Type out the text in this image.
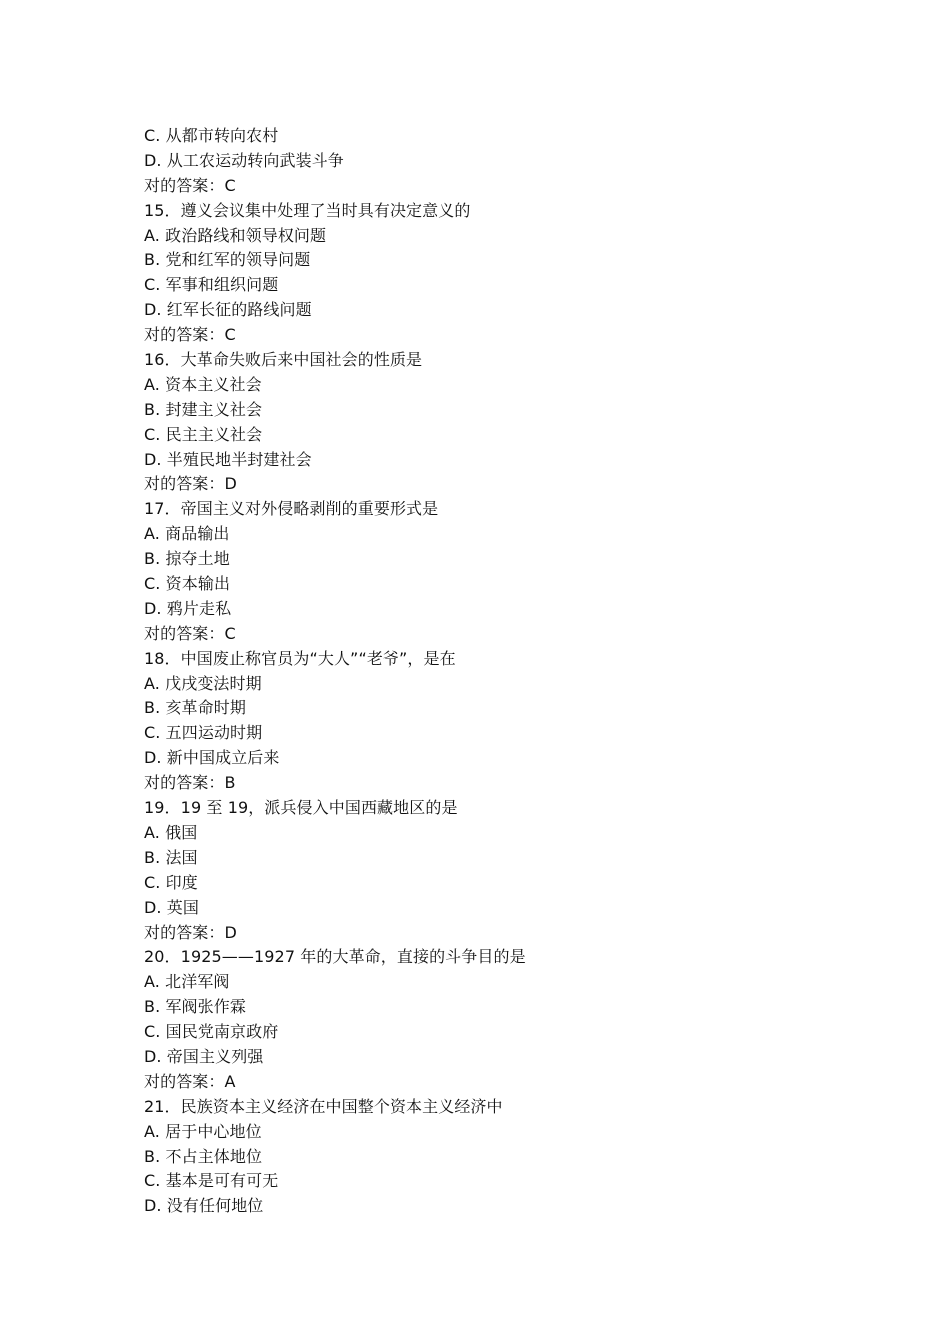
C. 从都市转向农村
D. 从工农运动转向武装斗争
对的答案：C
15．遵义会议集中处理了当时具有决定意义的
A. 政治路线和领导权问题
B. 党和红军的领导问题
C. 军事和组织问题
D. 红军长征的路线问题
对的答案：C
16．大革命失败后来中国社会的性质是
A. 资本主义社会
B. 封建主义社会
C. 民主主义社会
D. 半殖民地半封建社会
对的答案：D
17．帝国主义对外侵略剥削的重要形式是
A. 商品输出
B. 掠夺土地
C. 资本输出
D. 鸦片走私
对的答案：C
18．中国废止称官员为“大人”“老爷”，是在
A. 戊戌变法时期
B. 亥革命时期
C. 五四运动时期
D. 新中国成立后来
对的答案：B
19．19 至 19，派兵侵入中国西藏地区的是
A. 俄国
B. 法国
C. 印度
D. 英国
对的答案：D
20．1925——1927 年的大革命，直接的斗争目的是
A. 北洋军阀
B. 军阀张作霖
C. 国民党南京政府
D. 帝国主义列强
对的答案：A
21．民族资本主义经济在中国整个资本主义经济中
A. 居于中心地位
B. 不占主体地位
C. 基本是可有可无
D. 没有任何地位
